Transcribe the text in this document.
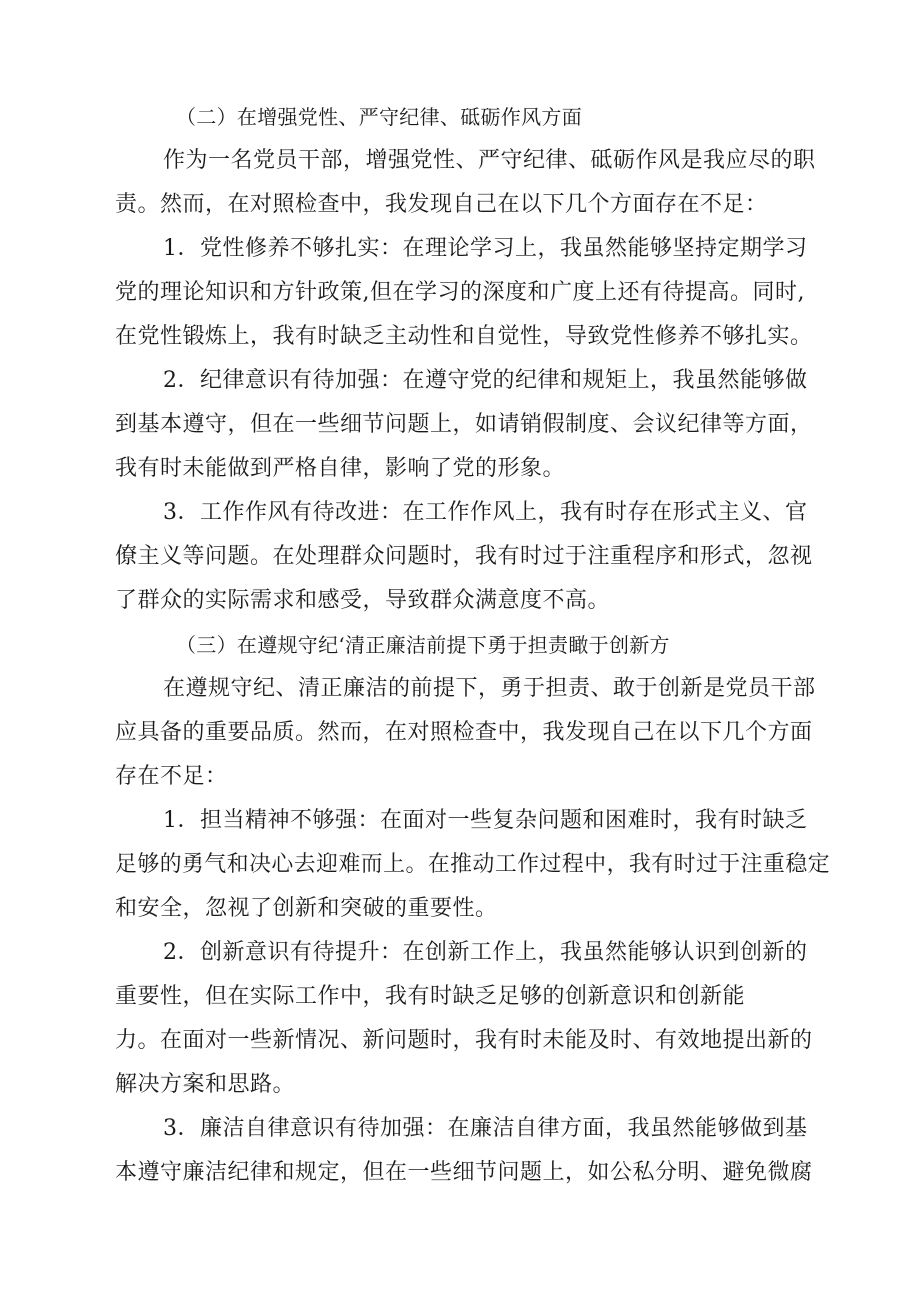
（二）在增强党性、严守纪律、砥砺作风方面
作为一名党员干部，增强党性、严守纪律、砥砺作风是我应尽的职
责。然而，在对照检查中，我发现自己在以下几个方面存在不足：
1．党性修养不够扎实：在理论学习上，我虽然能够坚持定期学习
党的理论知识和方针政策,但在学习的深度和广度上还有待提高。同时,
在党性锻炼上，我有时缺乏主动性和自觉性，导致党性修养不够扎实。
2．纪律意识有待加强：在遵守党的纪律和规矩上，我虽然能够做
到基本遵守，但在一些细节问题上，如请销假制度、会议纪律等方面，
我有时未能做到严格自律，影响了党的形象。
3．工作作风有待改进：在工作作风上，我有时存在形式主义、官
僚主义等问题。在处理群众问题时，我有时过于注重程序和形式，忽视
了群众的实际需求和感受，导致群众满意度不高。
（三）在遵规守纪‘清正廉洁前提下勇于担责瞰于创新方
在遵规守纪、清正廉洁的前提下，勇于担责、敢于创新是党员干部
应具备的重要品质。然而，在对照检查中，我发现自己在以下几个方面
存在不足：
1．担当精神不够强：在面对一些复杂问题和困难时，我有时缺乏
足够的勇气和决心去迎难而上。在推动工作过程中，我有时过于注重稳定
和安全，忽视了创新和突破的重要性。
2．创新意识有待提升：在创新工作上，我虽然能够认识到创新的
重要性，但在实际工作中，我有时缺乏足够的创新意识和创新能
力。在面对一些新情况、新问题时，我有时未能及时、有效地提出新的
解决方案和思路。
3．廉洁自律意识有待加强：在廉洁自律方面，我虽然能够做到基
本遵守廉洁纪律和规定，但在一些细节问题上，如公私分明、避免微腐
